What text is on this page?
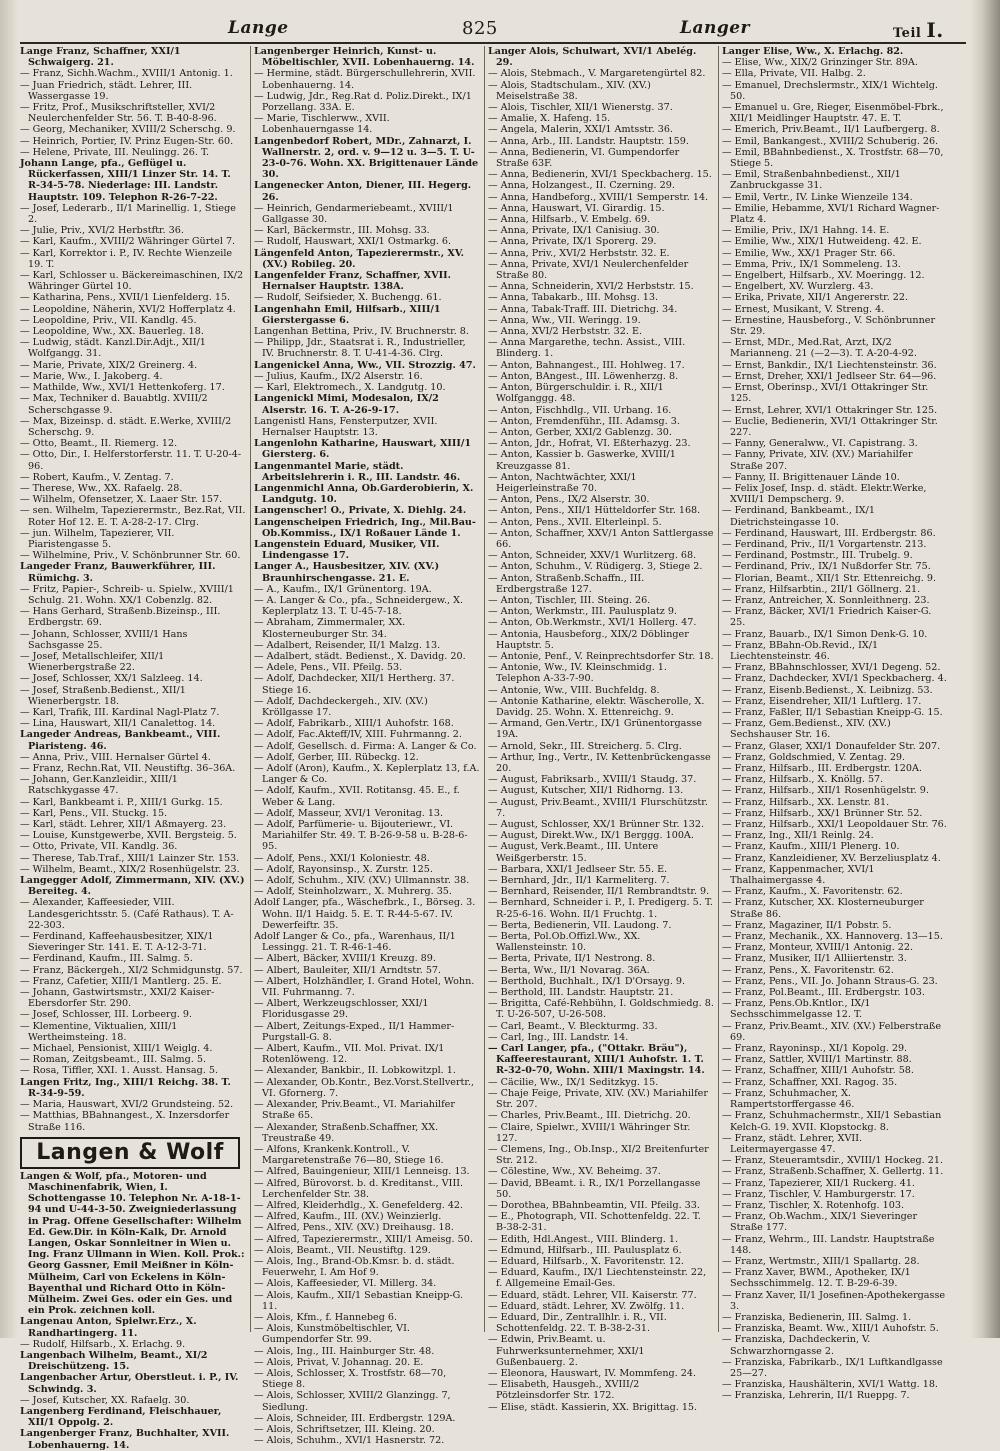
Lange	825	Langer	Teil I.
Lange Franz, Schaffner, XXI/1 Schwaigerg. 21.
— Franz, Sichh.Wachm., XVIII/1 Antonig. 1.
— Juan Friedrich, städt. Lehrer, III. Wassergasse 19.
— Fritz, Prof., Musikschriftsteller, XVI/2 Neulerchenfelder Str. 56. T. B-40-8-96.
— Georg, Mechaniker, XVIII/2 Scherschg. 9.
— Heinrich, Portier, IV. Prinz Eugen-Str. 60.
— Helene, Private, III. Neulingg. 26. T.
Johann Lange, pfa., Geflügel u. Rückerfassen, XIII/1 Linzer Str. 14. T. R-34-5-78. Niederlage: III. Landstr. Hauptstr. 109. Telephon R-26-7-22.
— Josef, Lederarb., II/1 Marinellig. 1, Stiege 2.
— Julie, Priv., XVI/2 Herbstftr. 36.
— Karl, Kaufm., XVIII/2 Währinger Gürtel 7.
— Karl, Korrektor i. P., IV. Rechte Wienzeile 19. T.
— Karl, Schlosser u. Bäckereimaschinen, IX/2 Währinger Gürtel 10.
— Katharina, Pens., XVII/1 Lienfelderg. 15.
— Leopoldine, Näherin, XVI/2 Hofferplatz 4.
— Leopoldine, Priv., VII. Kandlg. 45.
— Leopoldine, Ww., XX. Bauerleg. 18.
— Ludwig, städt. Kanzl.Dir.Adjt., XII/1 Wolfgangg. 31.
— Marie, Private, XIX/2 Greinerg. 4.
— Marie, Ww., I. Jakoberg. 4.
— Mathilde, Ww., XVI/1 Hettenkoferg. 17.
— Max, Techniker d. Bauabtlg. XVIII/2 Scherschgasse 9.
— Max, Bizeinsp. d. städt. E.Werke, XVIII/2 Scherschg. 9.
— Otto, Beamt., II. Riemerg. 12.
— Otto, Dir., I. Helferstorferstr. 11. T. U-20-4-96.
— Robert, Kaufm., V. Zentag. 7.
— Therese, Ww., XX. Rafaelg. 28.
— Wilhelm, Ofensetzer, X. Laaer Str. 157.
— sen. Wilhelm, Tapezierermstr., Bez.Rat, VII. Roter Hof 12. E. T. A-28-2-17. Clrg.
— jun. Wilhelm, Tapezierer, VII. Piaristengasse 5.
— Wilhelmine, Priv., V. Schönbrunner Str. 60.
Langeder Franz, Bauwerkführer, III. Rümichg. 3.
— Fritz, Papier-, Schreib- u. Spielw., XVIII/1 Schulg. 21. Wohn. XX/1 Cobenzlg. 82.
— Hans Gerhard, Straßenb.Bizeinsp., III. Erdbergstr. 69.
— Johann, Schlosser, XVIII/1 Hans Sachsgasse 25.
— Josef, Metallschleifer, XII/1 Wienerbergstraße 22.
— Josef, Schlosser, XX/1 Salzleeg. 14.
— Josef, Straßenb.Bedienst., XII/1 Wienerbergstr. 18.
— Karl, Trafik, III. Kardinal Nagl-Platz 7.
— Lina, Hauswart, XII/1 Canalettog. 14.
Langeder Andreas, Bankbeamt., VIII. Piaristeng. 46.
— Anna, Priv., VIII. Hernalser Gürtel 4.
— Franz, Rechn.Rat, VII. Neustiftg. 36–36A.
— Johann, Ger.Kanzleidir., XIII/1 Ratschkygasse 47.
— Karl, Bankbeamt i. P., XIII/1 Gurkg. 15.
— Karl, Pens., VII. Stuckg. 15.
— Karl, städt. Lehrer, XII/1 Aßmayerg. 23.
— Louise, Kunstgewerbe, XVII. Bergsteig. 5.
— Otto, Private, VII. Kandlg. 36.
— Therese, Tab.Traf., XIII/1 Lainzer Str. 153.
— Wilhelm, Beamt., XIX/2 Rosenhügelstr. 23.
Langegger Adolf, Zimmermann, XIV. (XV.) Bereiteg. 4.
— Alexander, Kaffeesieder, VIII. Landesgerichtsstr. 5. (Café Rathaus). T. A-22-303.
— Ferdinand, Kaffeehausbesitzer, XIX/1 Sieveringer Str. 141. E. T. A-12-3-71.
— Ferdinand, Kaufm., III. Salmg. 5.
— Franz, Bäckergeh., XI/2 Schmidgunstg. 57.
— Franz, Cafetier, XIII/1 Mantlerg. 25. E.
— Johann, Gastwirtsmstr., XXI/2 Kaiser-Ebersdorfer Str. 290.
— Josef, Schlosser, III. Lorbeerg. 9.
— Klementine, Viktualien, XIII/1 Wertheimsteing. 18.
— Michael, Pensionist, XIII/1 Weiglg. 4.
— Roman, Zeitgsbeamt., III. Salmg. 5.
— Rosa, Tiffler, XXI. 1. Ausst. Hansag. 5.
Langen Fritz, Ing., XIII/1 Reichg. 38. T. R-34-9-59.
— Maria, Hauswart, XVI/2 Grundsteing. 52.
— Matthias, BBahnangest., X. Inzersdorfer Straße 116.
Langen & Wolf
Langen & Wolf, pfa., Motoren- und Maschinenfabrik, Wien, I. Schottengasse 10. Telephon Nr. A-18-1-94 und U-44-3-50. Zweigniederlassung in Prag. Offene Gesellschafter: Wilhelm Ed. Gew.Dir. in Köln-Kalk, Dr. Arnold Langen, Oskar Sonnleitner in Wien u. Ing. Franz Ullmann in Wien. Koll. Prok.: Georg Gassner, Emil Meißner in Köln-Mülheim, Carl von Eckelens in Köln-Bayenthal und Richard Otto in Köln-Mülheim. Zwei Ges. oder ein Ges. und ein Prok. zeichnen koll.
Langenau Anton, Spielwr.Erz., X. Randhartingerg. 11.
— Rudolf, Hilfsarb., X. Erlachg. 9.
Langenbach Wilhelm, Beamt., XI/2 Dreischützeng. 15.
Langenbacher Artur, Oberstleut. i. P., IV. Schwindg. 3.
— Josef, Kutscher, XX. Rafaelg. 30.
Langenberg Ferdinand, Fleischhauer, XII/1 Oppolg. 2.
Langenberger Franz, Buchhalter, XVII. Lobenhauerng. 14.
Langenberger Heinrich, Kunst- u. Möbeltischler, XVII. Lobenhauerng. 14.
— Hermine, städt. Bürgerschullehrerin, XVII. Lobenhauerng. 14.
— Ludwig, Jdr., Reg.Rat d. Poliz.Direkt., IX/1 Porzellang. 33A. E.
— Marie, Tischlerww., XVII. Lobenhauerngasse 14.
Langenbedorf Robert, MDr., Zahnarzt, I. Wallnerstr. 2, ord. v. 9—12 u. 3—5. T. U-23-0-76. Wohn. XX. Brigittenauer Lände 30.
Langenecker Anton, Diener, III. Hegerg. 26.
— Heinrich, Gendarmeriebeamt., XVIII/1 Gallgasse 30.
— Karl, Bäckermstr., III. Mohsg. 33.
— Rudolf, Hauswart, XXI/1 Ostmarkg. 6.
Längenfeld Anton, Tapezierermstr., XV. (XV.) Robileg. 20.
Langenfelder Franz, Schaffner, XVII. Hernalser Hauptstr. 138A.
— Rudolf, Seifsieder, X. Buchengg. 61.
Langenhahn Emil, Hilfsarb., XIII/1 Gierstergasse 6.
Langenhan Bettina, Priv., IV. Bruchnerstr. 8.
— Philipp, Jdr., Staatsrat i. R., Industrieller, IV. Bruchnerstr. 8. T. U-41-4-36. Clrg.
Langenickel Anna, Ww., VII. Strozzig. 47.
— Julius, Kaufm., IX/2 Alserstr. 16.
— Karl, Elektromech., X. Landgutg. 10.
Langenickl Mimi, Modesalon, IX/2 Alserstr. 16. T. A-26-9-17.
Langenistl Hans, Fensterputzer, XVII. Hernalser Hauptstr. 13.
Langenlohn Katharine, Hauswart, XIII/1 Giersterg. 6.
Langenmantel Marie, städt. Arbeitslehrerin i. R., III. Landstr. 46.
Langenmichl Anna, Ob.Garderobierin, X. Landgutg. 10.
Langenscher! O., Private, X. Diehlg. 24.
Langenscheipen Friedrich, Ing., Mil.Bau-Ob.Kommiss., IX/1 Roßauer Lände 1.
Langenstein Eduard, Musiker, VII. Lindengasse 17.
Langer A., Hausbesitzer, XIV. (XV.) Braunhirschengasse. 21. E.
— A., Kaufm., IX/1 Grünentorg. 19A.
— A. Langer & Co., pfa., Schneidergew., X. Keplerplatz 13. T. U-45-7-18.
— Abraham, Zimmermaler, XX. Klosterneuburger Str. 34.
— Adalbert, Reisender, II/1 Malzg. 13.
— Adalbert, städt. Bedienst., X. Davidg. 20.
— Adele, Pens., VII. Pfeilg. 53.
— Adolf, Dachdecker, XII/1 Hertherg. 37. Stiege 16.
— Adolf, Dachdeckergeh., XIV. (XV.) Kröllgasse 17.
— Adolf, Fabrikarb., XIII/1 Auhofstr. 168.
— Adolf, Fac.Akteff/IV, XIII. Fuhrmanng. 2.
— Adolf, Gesellsch. d. Firma: A. Langer & Co.
— Adolf, Gerber, III. Rübeckg. 12.
— Adolf (Aron), Kaufm., X. Keplerplatz 13, f.A. Langer & Co.
— Adolf, Kaufm., XVII. Rotitansg. 45. E., f. Weber & Lang.
— Adolf, Masseur, XVI/1 Veronitag. 13.
— Adolf, Parfümerie- u. Bijouteriewr., VI. Mariahilfer Str. 49. T. B-26-9-58 u. B-28-6-95.
— Adolf, Pens., XXI/1 Koloniestr. 48.
— Adolf, Rayonsinsp., X. Zurstr. 125.
— Adolf, Schuhm., XIV. (XV.) Ullmannstr. 38.
— Adolf, Steinholzwarr., X. Muhrerg. 35.
Adolf Langer, pfa., Wäschefbrk., I., Börseg. 3. Wohn. II/1 Haidg. 5. E. T. R-44-5-67. IV. Dewerfeiftr. 35.
Adolf Langer & Co., pfa., Warenhaus, II/1 Lessingg. 21. T. R-46-1-46.
— Albert, Bäcker, XVIII/1 Kreuzg. 89.
— Albert, Bauleiter, XII/1 Arndtstr. 57.
— Albert, Holzhändler, I. Grand Hotel, Wohn. VII. Fuhrmanng. 7.
— Albert, Werkzeugschlosser, XXI/1 Floridusgasse 29.
— Albert, Zeitungs-Exped., II/1 Hammer-Purgstall-G. 8.
— Albert, Kaufm., VII. Mol. Privat. IX/1 Rotenlöweng. 12.
— Alexander, Bankbir., II. Lobkowitzpl. 1.
— Alexander, Ob.Kontr., Bez.Vorst.Stellvertr., VI. Gfornerg. 7.
— Alexander, Priv.Beamt., VI. Mariahilfer Straße 65.
— Alexander, Straßenb.Schaffner, XX. Treustraße 49.
— Alfons, Krankenk.Kontroll., V. Margaretenstraße 76—80, Stiege 16.
— Alfred, Bauingenieur, XIII/1 Lenneisg. 13.
— Alfred, Bürovorst. b. d. Kreditanst., VIII. Lerchenfelder Str. 38.
— Alfred, Kleiderhdlg., X. Genefelderg. 42.
— Alfred, Kaufm., III. (XV.) Weinzierlg.
— Alfred, Pens., XIV. (XV.) Dreihausg. 18.
— Alfred, Tapezierermstr., XIII/1 Ameisg. 50.
— Alois, Beamt., VII. Neustiftg. 129.
— Alois, Ing., Brand-Ob.Kmsr. b. d. städt. Feuerwehr, I. Am Hof 9.
— Alois, Kaffeesieder, VI. Millerg. 34.
— Alois, Kaufm., XII/1 Sebastian Kneipp-G. 11.
— Alois, Kfm., f. Hannebeg 6.
— Alois, Kunstmöbeltischler, VI. Gumpendorfer Str. 99.
— Alois, Ing., III. Hainburger Str. 48.
— Alois, Privat, V. Johannag. 20. E.
— Alois, Schlosser, X. Trostfstr. 68—70, Stiege 8.
— Alois, Schlosser, XVIII/2 Glanzingg. 7, Siedlung.
— Alois, Schneider, III. Erdbergstr. 129A.
— Alois, Schriftsetzer, III. Kleing. 20.
— Alois, Schuhm., XVI/1 Hasnerstr. 72.
Langer Alois, Schulwart, XVI/1 Abelég. 29.
— Alois, Stebmach., V. Margaretengürtel 82.
— Alois, Stadtschulam., XIV. (XV.) Meiselstraße 38.
— Alois, Tischler, XII/1 Wienerstg. 37.
— Amalie, X. Hafeng. 15.
— Angela, Malerin, XXI/1 Amtsstr. 36.
— Anna, Arb., III. Landstr. Hauptstr. 159.
— Anna, Bedienerin, VI. Gumpendorfer Straße 63F.
— Anna, Bedienerin, XVI/1 Speckbacherg. 15.
— Anna, Holzangest., II. Czerning. 29.
— Anna, Handbeforg., XVIII/1 Semperstr. 14.
— Anna, Hauswart, VI. Girardig. 15.
— Anna, Hilfsarb., V. Embelg. 69.
— Anna, Private, IX/1 Canisiug. 30.
— Anna, Private, IX/1 Sporerg. 29.
— Anna, Priv., XVI/2 Herbststr. 32. E.
— Anna, Private, XVI/1 Neulerchenfelder Straße 80.
— Anna, Schneiderin, XVI/2 Herbststr. 15.
— Anna, Tabakarb., III. Mohsg. 13.
— Anna, Tabak-Traff. III. Dietrichg. 34.
— Anna, Ww., VII. Weringg. 19.
— Anna, XVI/2 Herbststr. 32. E.
— Anna Margarethe, techn. Assist., VIII. Blinderg. 1.
— Anton, Bahnangest., III. Hohlweg. 17.
— Anton, BAngest., III. Löwenherzg. 8.
— Anton, Bürgerschuldir. i. R., XII/1 Wolfganggg. 48.
— Anton, Fischhdlg., VII. Urbang. 16.
— Anton, Fremdenführ., III. Adamsg. 3.
— Anton, Gerber, XXI/2 Gablenzg. 30.
— Anton, Jdr., Hofrat, VI. Eßterhazyg. 23.
— Anton, Kassier b. Gaswerke, XVIII/1 Kreuzgasse 81.
— Anton, Nachtwächter, XXI/1 Heigerleinstraße 70.
— Anton, Pens., IX/2 Alserstr. 30.
— Anton, Pens., XII/1 Hütteldorfer Str. 168.
— Anton, Pens., XVII. Elterleinpl. 5.
— Anton, Schaffner, XXV/1 Anton Sattlergasse 66.
— Anton, Schneider, XXV/1 Wurlitzerg. 68.
— Anton, Schuhm., V. Rüdigerg. 3, Stiege 2.
— Anton, Straßenb.Schaffn., III. Erdbergstraße 127.
— Anton, Tischler, III. Steing. 26.
— Anton, Werkmstr., III. Paulusplatz 9.
— Anton, Ob.Werkmstr., XVI/1 Hollerg. 47.
— Antonia, Hausbeforg., XIX/2 Döblinger Hauptstr. 5.
— Antonie, Penf., V. Reinprechtsdorfer Str. 18.
— Antonie, Ww., IV. Kleinschmidg. 1. Telephon A-33-7-90.
— Antonie, Ww., VIII. Buchfeldg. 8.
— Antonie Katharine, elektr. Wäscherolle, X. Davidg. 25. Wohn. X. Ettenreichg. 9.
— Armand, Gen.Vertr., IX/1 Grünentorgasse 19A.
— Arnold, Sekr., III. Streicherg. 5. Clrg.
— Arthur, Ing., Vertr., IV. Kettenbrückengasse 20.
— August, Fabriksarb., XVIII/1 Staudg. 37.
— August, Kutscher, XII/1 Ridhorng. 13.
— August, Priv.Beamt., XVIII/1 Flurschützstr. 7.
— August, Schlosser, XX/1 Brünner Str. 132.
— August, Direkt.Ww., IX/1 Berggg. 100A.
— August, Verk.Beamt., III. Untere Weißgerberstr. 15.
— Barbara, XXI/1 Jedlseer Str. 55. E.
— Bernhard, Jdr., II/1 Karmeliterg. 7.
— Bernhard, Reisender, II/1 Rembrandtstr. 9.
— Bernhard, Schneider i. P., I. Predigerg. 5. T. R-25-6-16. Wohn. II/1 Fruchtg. 1.
— Berta, Bedienerin, VII. Laudong. 7.
— Berta, Pol.Ob.Offizl.Ww., XX. Wallensteinstr. 10.
— Berta, Private, II/1 Nestrong. 8.
— Berta, Ww., II/1 Novarag. 36A.
— Berthold, Buchhalt., IX/1 D'Orsayg. 9.
— Berthold, III. Landstr. Hauptstr. 21.
— Brigitta, Café-Rehbühn, I. Goldschmiedg. 8. T. U-26-507, U-26-508.
— Carl, Beamt., V. Bleckturmg. 33.
— Carl, Ing., III. Landstr. 14.
— Carl Langer, pfa., ("Ottakr. Bräu"), Kaffeerestaurant, XIII/1 Auhofstr. 1. T. R-32-0-70, Wohn. XIII/1 Maxingstr. 14.
— Cäcilie, Ww., IX/1 Seditzkyg. 15.
— Chaje Feige, Private, XIV. (XV.) Mariahilfer Str. 207.
— Charles, Priv.Beamt., III. Dietrichg. 20.
— Claire, Spielwr., XVIII/1 Währinger Str. 127.
— Clemens, Ing., Ob.Insp., XI/2 Breitenfurter Str. 212.
— Cölestine, Ww., XV. Beheimg. 37.
— David, BBeamt. i. R., IX/1 Porzellangasse 50.
— Dorothea, BBahnbeamtin, VII. Pfeilg. 33.
— E., Photograph, VII. Schottenfeldg. 22. T. B-38-2-31.
— Edith, Hdl.Angest., VIII. Blinderg. 1.
— Edmund, Hilfsarb., III. Paulusplatz 6.
— Eduard, Hilfsarb., X. Favoritenstr. 12.
— Eduard, Kaufm., IX/1 Liechtensteinstr. 22, f. Allgemeine Email-Ges.
— Eduard, städt. Lehrer, VII. Kaiserstr. 77.
— Eduard, städt. Lehrer, XV. Zwölfg. 11.
— Eduard, Dir., Zentrallhlr. i. R., VII. Schottenfeldg. 22. T. B-38-2-31.
— Edwin, Priv.Beamt. u. Fuhrwerksunternehmer, XXI/1 Gußenbauerg. 2.
— Eleonora, Hauswart, IV. Mommfeng. 24.
— Elisabeth, Hausgeh., XVIII/2 Pötzleinsdorfer Str. 172.
— Elise, städt. Kassierin, XX. Brigittag. 15.
Langer Elise, Ww., X. Erlachg. 82.
— Elise, Ww., XIX/2 Grinzinger Str. 89A.
— Ella, Private, VII. Halbg. 2.
— Emanuel, Drechslermstr., XIX/1 Wichtelg. 50.
— Emanuel u. Gre, Rieger, Eisenmöbel-Fbrk., XII/1 Meidlinger Hauptstr. 47. E. T.
— Emerich, Priv.Beamt., II/1 Laufbergerg. 8.
— Emil, Bankangest., XVIII/2 Schuberig. 26.
— Emil, BBahnbedienst., X. Trostfstr. 68—70, Stiege 5.
— Emil, Straßenbahnbedienst., XII/1 Zanbruckgasse 31.
— Emil, Vertr., IV. Linke Wienzeile 134.
— Emilie, Hebamme, XVI/1 Richard Wagner-Platz 4.
— Emilie, Priv., IX/1 Hahng. 14. E.
— Emilie, Ww., XIX/1 Hutweideng. 42. E.
— Emilie, Ww., XX/1 Prager Str. 66.
— Emma, Priv., IX/1 Sommeleng. 13.
— Engelbert, Hilfsarb., XV. Moeringg. 12.
— Engelbert, XV. Wurzlerg. 43.
— Erika, Private, XII/1 Angererstr. 22.
— Ernest, Musikant, V. Streng. 4.
— Ernestine, Hausbeforg., V. Schönbrunner Str. 29.
— Ernst, MDr., Med.Rat, Arzt, IX/2 Marianneng. 21 (—2—3). T. A-20-4-92.
— Ernst, Bankdir., IX/1 Liechtensteinstr. 36.
— Ernst, Dreher, XXI/1 Jedlseer Str. 64—96.
— Ernst, Oberinsp., XVI/1 Ottakringer Str. 125.
— Ernst, Lehrer, XVI/1 Ottakringer Str. 125.
— Euclie, Bedienerin, XVI/1 Ottakringer Str. 227.
— Fanny, Generalww., VI. Capistrang. 3.
— Fanny, Private, XIV. (XV.) Mariahilfer Straße 207.
— Fanny, II. Brigittenauer Lände 10.
— Felix Josef, Insp. d. städt. Elektr.Werke, XVIII/1 Dempscherg. 9.
— Ferdinand, Bankbeamt., IX/1 Dietrichsteingasse 10.
— Ferdinand, Hauswart, III. Erdbergstr. 86.
— Ferdinand, Priv., II/1 Vorgartenstr. 213.
— Ferdinand, Postmstr., III. Trubelg. 9.
— Ferdinand, Priv., IX/1 Nußdorfer Str. 75.
— Florian, Beamt., XII/1 Str. Ettenreichg. 9.
— Franz, Hilfsarbtin., 2II/1 Göllnerg. 21.
— Franz, Antreicher, X. Sonnleithnerg. 23.
— Franz, Bäcker, XVI/1 Friedrich Kaiser-G. 25.
— Franz, Bauarb., IX/1 Simon Denk-G. 10.
— Franz, BBahn-Ob.Revid., IX/1 Liechtensteinstr. 46.
— Franz, BBahnschlosser, XVI/1 Degeng. 52.
— Franz, Dachdecker, XVI/1 Speckbacherg. 4.
— Franz, Eisenb.Bedienst., X. Leibnizg. 53.
— Franz, Eisendreher, XII/1 Luftlerg. 17.
— Franz, Faßler, II/1 Sebastian Kneipp-G. 15.
— Franz, Gem.Bedienst., XIV. (XV.) Sechshauser Str. 16.
— Franz, Glaser, XXI/1 Donaufelder Str. 207.
— Franz, Goldschmied, V. Zentag. 29.
— Franz, Hilfsarb., III. Erdbergstr. 120A.
— Franz, Hilfsarb., X. Knöllg. 57.
— Franz, Hilfsarb., XII/1 Rosenhügelstr. 9.
— Franz, Hilfsarb., XX. Lenstr. 81.
— Franz, Hilfsarb., XX/1 Brünner Str. 52.
— Franz, Hilfsarb., XXI/1 Leopoldauer Str. 76.
— Franz, Ing., XII/1 Reinlg. 24.
— Franz, Kaufm., XIII/1 Plenerg. 10.
— Franz, Kanzleidiener, XV. Berzeliusplatz 4.
— Franz, Kappenmacher, XVI/1 Thalhaimergasse 4.
— Franz, Kaufm., X. Favoritenstr. 62.
— Franz, Kutscher, XX. Klosterneuburger Straße 86.
— Franz, Magaziner, II/1 Pobstr. 5.
— Franz, Mechanik., XX. Hannoverg. 13—15.
— Franz, Monteur, XVIII/1 Antonig. 22.
— Franz, Musiker, II/1 Alliiertenstr. 3.
— Franz, Pens., X. Favoritenstr. 62.
— Franz, Pens., VII. Jo. Johann Straus-G. 23.
— Franz, Pol.Beamt., III. Erdbergstr. 103.
— Franz, Pens.Ob.Kntlor., IX/1 Sechsschimmelgasse 12. T.
— Franz, Priv.Beamt., XIV. (XV.) Felberstraße 69.
— Franz, Rayoninsp., XI/1 Kopolg. 29.
— Franz, Sattler, XVIII/1 Martinstr. 88.
— Franz, Schaffner, XIII/1 Auhofstr. 58.
— Franz, Schaffner, XXI. Ragog. 35.
— Franz, Schuhmacher, X. Rampertstorffergasse 46.
— Franz, Schuhmachermstr., XII/1 Sebastian Kelch-G. 19. XVII. Klopstockg. 8.
— Franz, städt. Lehrer, XVII. Leitermayergasse 47.
— Franz, Steueramtsdir., XVIII/1 Hockeg. 21.
— Franz, Straßenb.Schaffner, X. Gellertg. 11.
— Franz, Tapezierer, XII/1 Ruckerg. 41.
— Franz, Tischler, V. Hamburgerstr. 17.
— Franz, Tischler, X. Rotenhofg. 103.
— Franz, Ob.Wachm., XIX/1 Sieveringer Straße 177.
— Franz, Wehrm., III. Landstr. Hauptstraße 148.
— Franz, Wertmstr., XIII/1 Spallartg. 28.
— Franz Xaver, BWM., Apotheker, IX/1 Sechsschimmelg. 12. T. B-29-6-39.
— Franz Xaver, II/1 Josefinen-Apothekergasse 3.
— Franziska, Bedienerin, III. Salmg. 1.
— Franziska, Beamt. Ww., XIII/1 Auhofstr. 5.
— Franziska, Dachdeckerin, V. Schwarzhorngasse 2.
— Franziska, Fabrikarb., IX/1 Luftkandlgasse 25—27.
— Franziska, Haushälterin, XVI/1 Wattg. 18.
— Franziska, Lehrerin, II/1 Rueppg. 7.
